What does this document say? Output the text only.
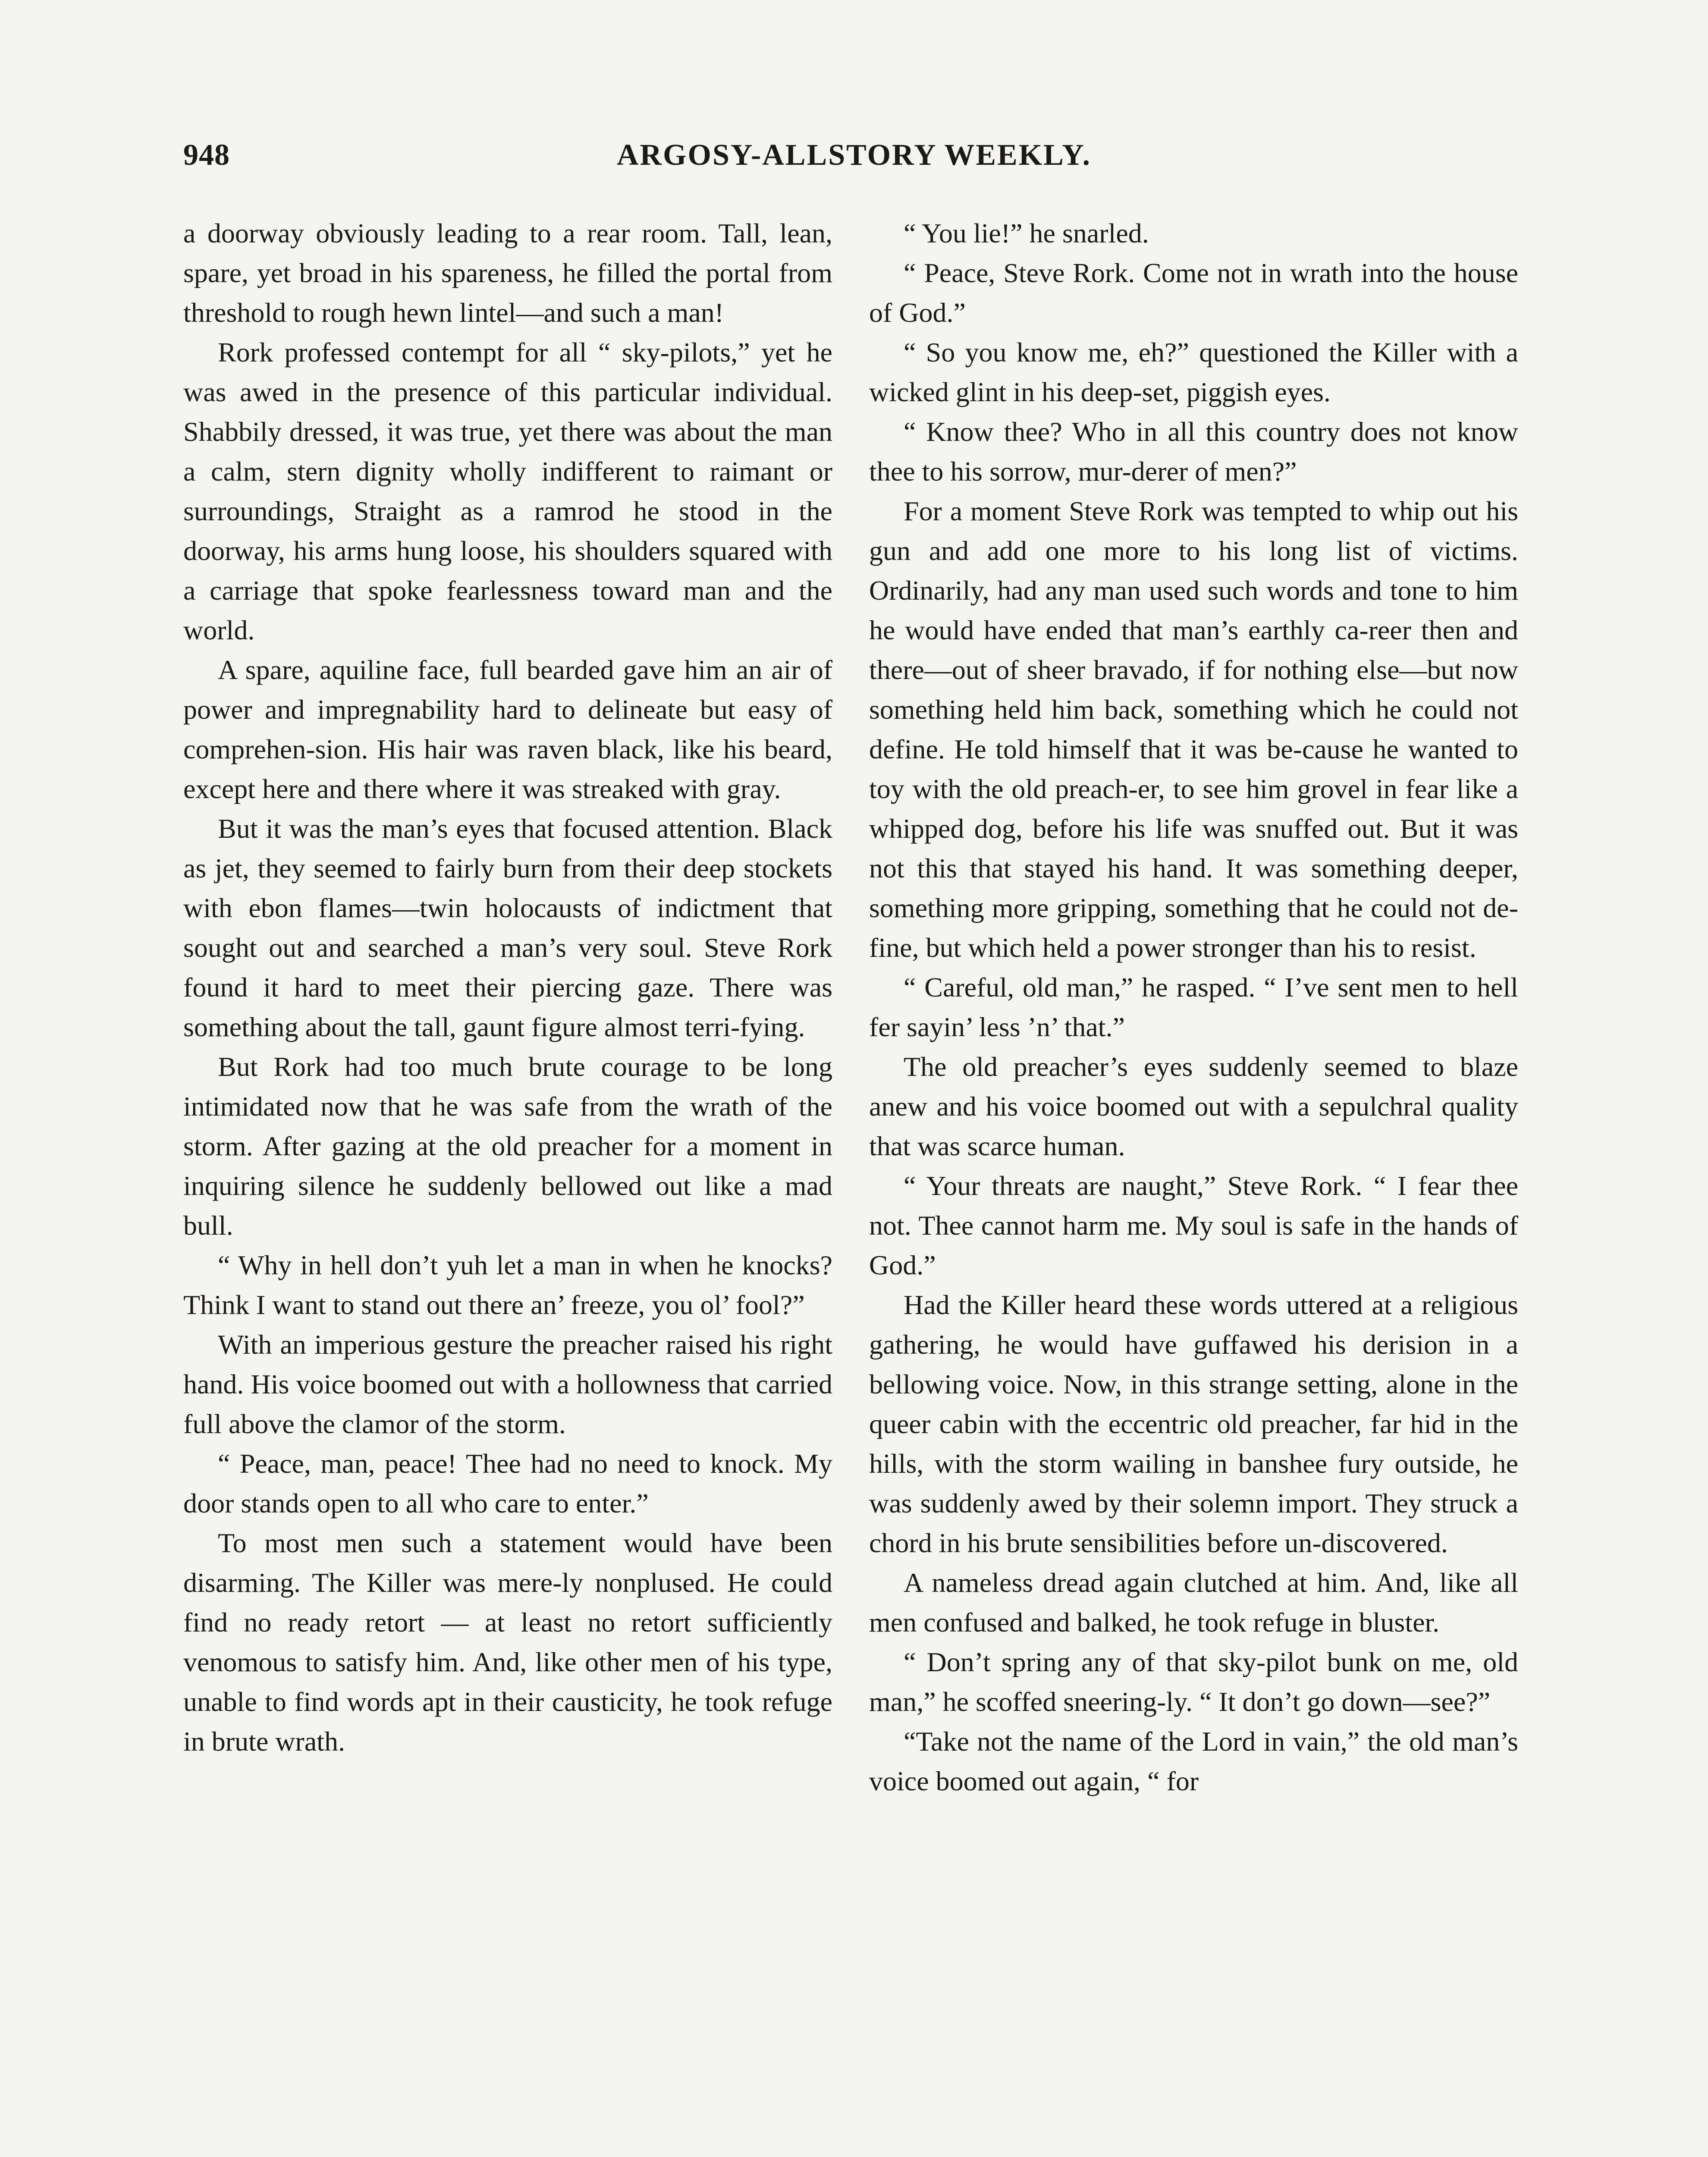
948	ARGOSY-ALLSTORY WEEKLY.

a doorway obviously leading to a rear room. Tall, lean, spare, yet broad in his spareness, he filled the portal from threshold to rough hewn lintel—and such a man!

Rork professed contempt for all “ sky-pilots,” yet he was awed in the presence of this particular individual. Shabbily dressed, it was true, yet there was about the man a calm, stern dignity wholly indifferent to raimant or surroundings, Straight as a ramrod he stood in the doorway, his arms hung loose, his shoulders squared with a carriage that spoke fearlessness toward man and the world.

A spare, aquiline face, full bearded gave him an air of power and impregnability hard to delineate but easy of comprehen-sion. His hair was raven black, like his beard, except here and there where it was streaked with gray.

But it was the man’s eyes that focused attention. Black as jet, they seemed to fairly burn from their deep stockets with ebon flames—twin holocausts of indictment that sought out and searched a man’s very soul. Steve Rork found it hard to meet their piercing gaze. There was something about the tall, gaunt figure almost terri-fying.

But Rork had too much brute courage to be long intimidated now that he was safe from the wrath of the storm. After gazing at the old preacher for a moment in inquiring silence he suddenly bellowed out like a mad bull.

“ Why in hell don’t yuh let a man in when he knocks? Think I want to stand out there an’ freeze, you ol’ fool?”

With an imperious gesture the preacher raised his right hand. His voice boomed out with a hollowness that carried full above the clamor of the storm.

“ Peace, man, peace! Thee had no need to knock. My door stands open to all who care to enter.”

To most men such a statement would have been disarming. The Killer was mere-ly nonplused. He could find no ready retort — at least no retort sufficiently venomous to satisfy him. And, like other men of his type, unable to find words apt in their causticity, he took refuge in brute wrath.

“ You lie!” he snarled.

“ Peace, Steve Rork. Come not in wrath into the house of God.”

“ So you know me, eh?” questioned the Killer with a wicked glint in his deep-set, piggish eyes.

“ Know thee? Who in all this country does not know thee to his sorrow, mur-derer of men?”

For a moment Steve Rork was tempted to whip out his gun and add one more to his long list of victims. Ordinarily, had any man used such words and tone to him he would have ended that man’s earthly ca-reer then and there—out of sheer bravado, if for nothing else—but now something held him back, something which he could not define. He told himself that it was be-cause he wanted to toy with the old preach-er, to see him grovel in fear like a whipped dog, before his life was snuffed out. But it was not this that stayed his hand. It was something deeper, something more gripping, something that he could not de-fine, but which held a power stronger than his to resist.

“ Careful, old man,” he rasped. “ I’ve sent men to hell fer sayin’ less ’n’ that.”

The old preacher’s eyes suddenly seemed to blaze anew and his voice boomed out with a sepulchral quality that was scarce human.

“ Your threats are naught,” Steve Rork. “ I fear thee not. Thee cannot harm me. My soul is safe in the hands of God.”

Had the Killer heard these words uttered at a religious gathering, he would have guffawed his derision in a bellowing voice. Now, in this strange setting, alone in the queer cabin with the eccentric old preacher, far hid in the hills, with the storm wailing in banshee fury outside, he was suddenly awed by their solemn import. They struck a chord in his brute sensibilities before un-discovered.

A nameless dread again clutched at him. And, like all men confused and balked, he took refuge in bluster.

“ Don’t spring any of that sky-pilot bunk on me, old man,” he scoffed sneering-ly. “ It don’t go down—see?”

“Take not the name of the Lord in vain,” the old man’s voice boomed out again, “ for
